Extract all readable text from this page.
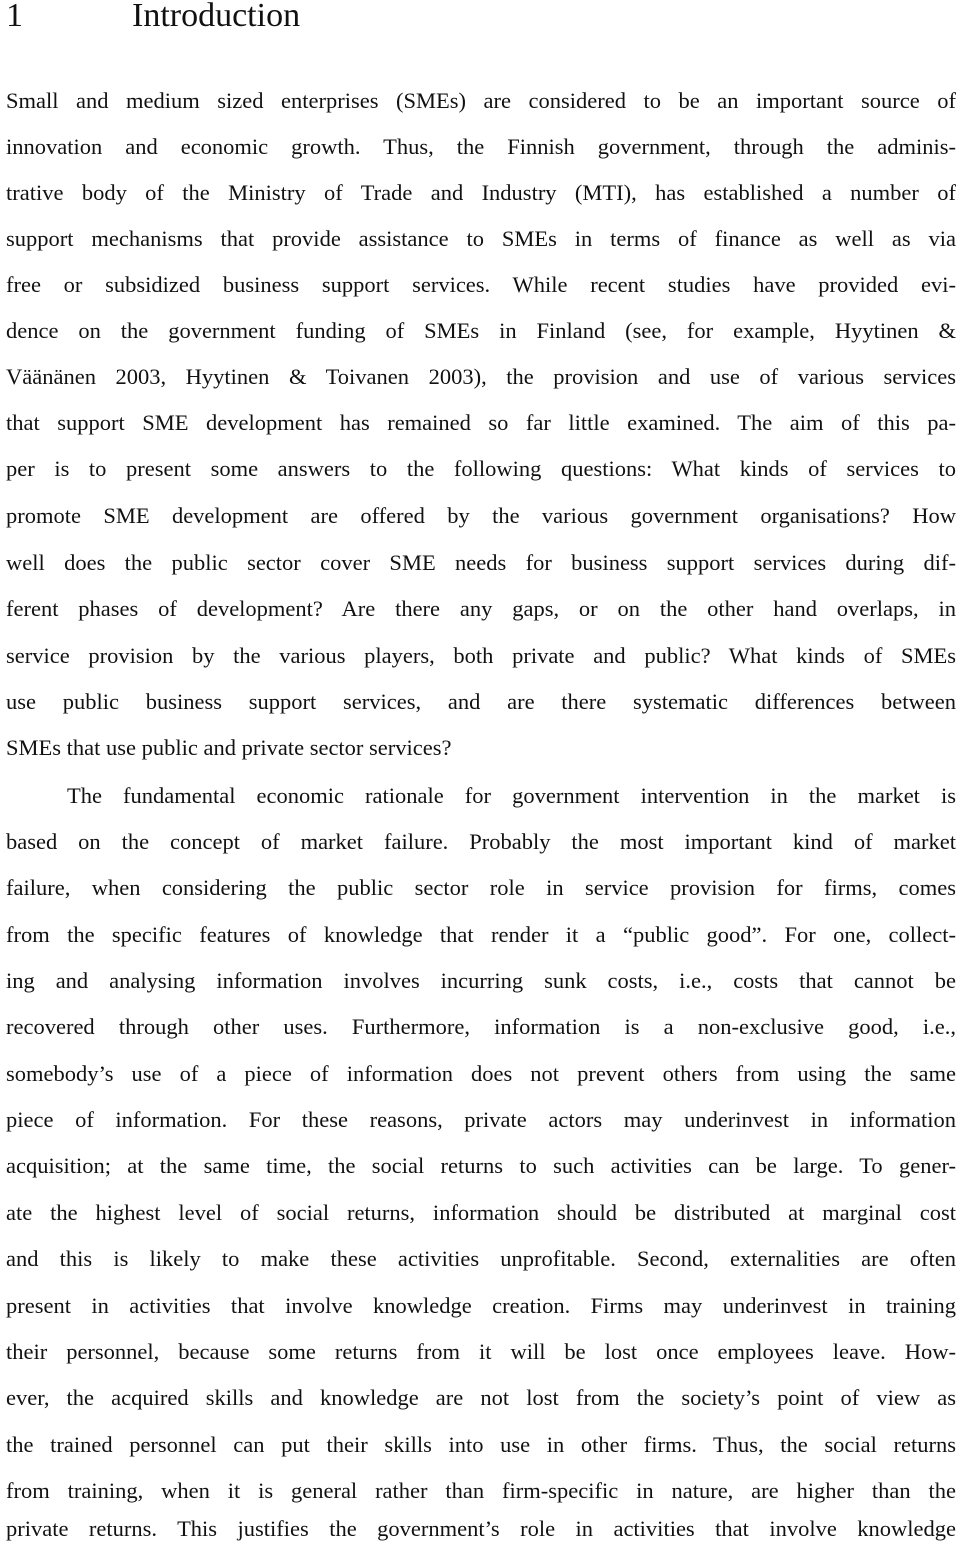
1	Introduction
Small and medium sized enterprises (SMEs) are considered to be an important source of
innovation and economic growth. Thus, the Finnish government, through the adminis-
trative body of the Ministry of Trade and Industry (MTI), has established a number of
support mechanisms that provide assistance to SMEs in terms of finance as well as via
free or subsidized business support services. While recent studies have provided evi-
dence on the government funding of SMEs in Finland (see, for example, Hyytinen &
Väänänen 2003, Hyytinen & Toivanen 2003), the provision and use of various services
that support SME development has remained so far little examined. The aim of this pa-
per is to present some answers to the following questions: What kinds of services to
promote SME development are offered by the various government organisations? How
well does the public sector cover SME needs for business support services during dif-
ferent phases of development? Are there any gaps, or on the other hand overlaps, in
service provision by the various players, both private and public? What kinds of SMEs
use public business support services, and are there systematic differences between
SMEs that use public and private sector services?
The fundamental economic rationale for government intervention in the market is
based on the concept of market failure. Probably the most important kind of market
failure, when considering the public sector role in service provision for firms, comes
from the specific features of knowledge that render it a “public good”. For one, collect-
ing and analysing information involves incurring sunk costs, i.e., costs that cannot be
recovered through other uses. Furthermore, information is a non-exclusive good, i.e.,
somebody’s use of a piece of information does not prevent others from using the same
piece of information. For these reasons, private actors may underinvest in information
acquisition; at the same time, the social returns to such activities can be large. To gener-
ate the highest level of social returns, information should be distributed at marginal cost
and this is likely to make these activities unprofitable. Second, externalities are often
present in activities that involve knowledge creation. Firms may underinvest in training
their personnel, because some returns from it will be lost once employees leave. How-
ever, the acquired skills and knowledge are not lost from the society’s point of view as
the trained personnel can put their skills into use in other firms. Thus, the social returns
from training, when it is general rather than firm-specific in nature, are higher than the
private returns. This justifies the government’s role in activities that involve knowledge
